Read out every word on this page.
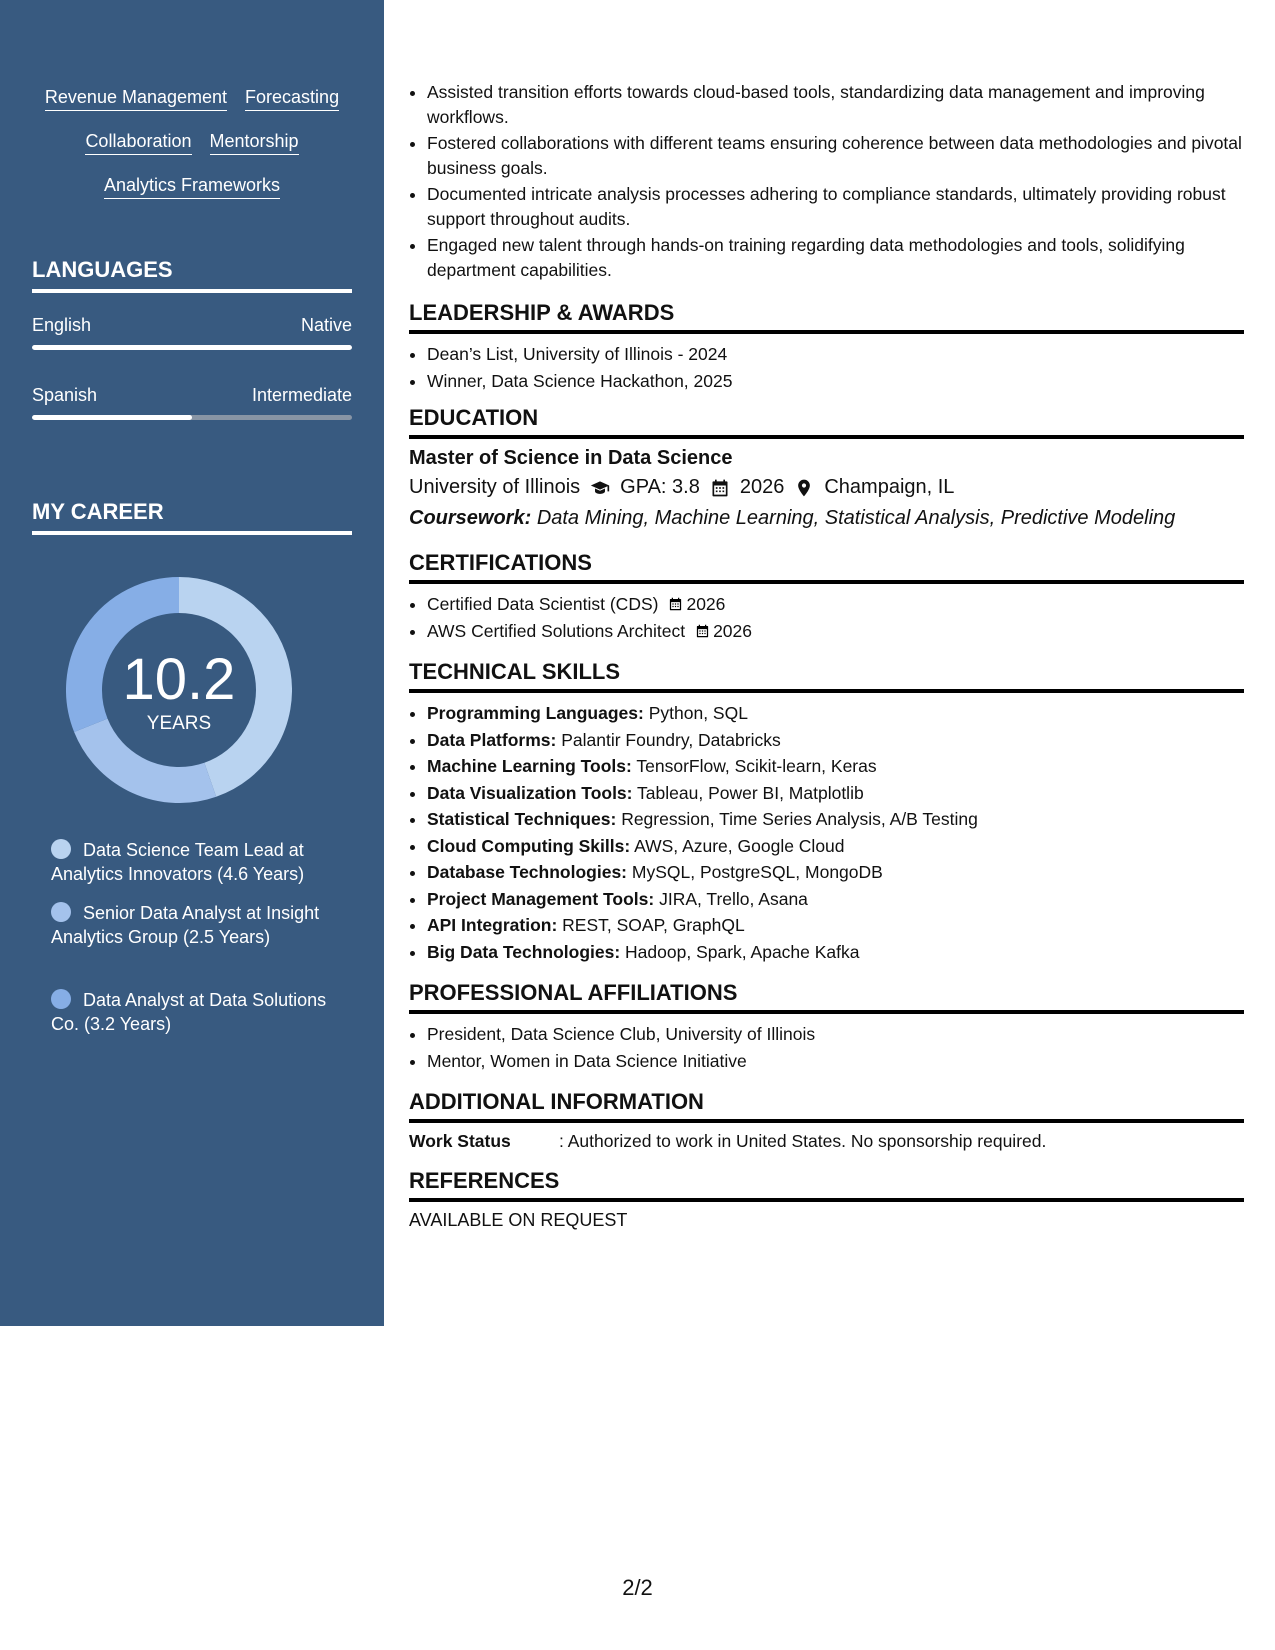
Revenue Management Forecasting
Collaboration Mentorship
Analytics Frameworks
LANGUAGES
English	Native
Spanish	Intermediate
MY CAREER
10.2
YEARS
Data Science Team Lead at Analytics Innovators (4.6 Years)
Senior Data Analyst at Insight Analytics Group (2.5 Years)
Data Analyst at Data Solutions Co. (3.2 Years)
• Assisted transition efforts towards cloud-based tools, standardizing data management and improving workflows.
• Fostered collaborations with different teams ensuring coherence between data methodologies and pivotal business goals.
• Documented intricate analysis processes adhering to compliance standards, ultimately providing robust support throughout audits.
• Engaged new talent through hands-on training regarding data methodologies and tools, solidifying department capabilities.
LEADERSHIP & AWARDS
• Dean’s List, University of Illinois - 2024
• Winner, Data Science Hackathon, 2025
EDUCATION
Master of Science in Data Science
University of Illinois GPA: 3.8 2026 Champaign, IL
Coursework: Data Mining, Machine Learning, Statistical Analysis, Predictive Modeling
CERTIFICATIONS
• Certified Data Scientist (CDS) 2026
• AWS Certified Solutions Architect 2026
TECHNICAL SKILLS
• Programming Languages: Python, SQL
• Data Platforms: Palantir Foundry, Databricks
• Machine Learning Tools: TensorFlow, Scikit-learn, Keras
• Data Visualization Tools: Tableau, Power BI, Matplotlib
• Statistical Techniques: Regression, Time Series Analysis, A/B Testing
• Cloud Computing Skills: AWS, Azure, Google Cloud
• Database Technologies: MySQL, PostgreSQL, MongoDB
• Project Management Tools: JIRA, Trello, Asana
• API Integration: REST, SOAP, GraphQL
• Big Data Technologies: Hadoop, Spark, Apache Kafka
PROFESSIONAL AFFILIATIONS
• President, Data Science Club, University of Illinois
• Mentor, Women in Data Science Initiative
ADDITIONAL INFORMATION
Work Status	: Authorized to work in United States. No sponsorship required.
REFERENCES
AVAILABLE ON REQUEST
2/2
